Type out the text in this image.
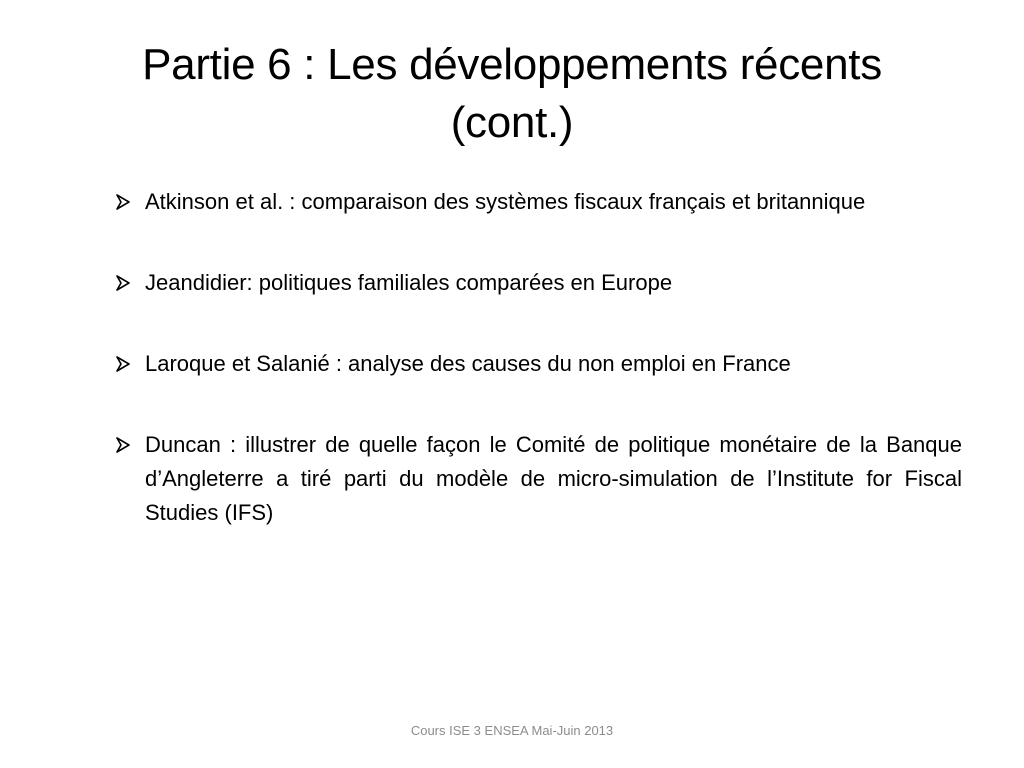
Partie 6 : Les développements récents
(cont.)
Atkinson et al. : comparaison des systèmes fiscaux français et britannique
Jeandidier: politiques familiales comparées en Europe
Laroque et Salanié : analyse des causes du non emploi en France
Duncan : illustrer de quelle façon le Comité de politique monétaire de la Banque d’Angleterre a tiré parti du modèle de micro-simulation de l’Institute for Fiscal Studies (IFS)
Cours ISE 3 ENSEA Mai-Juin 2013
